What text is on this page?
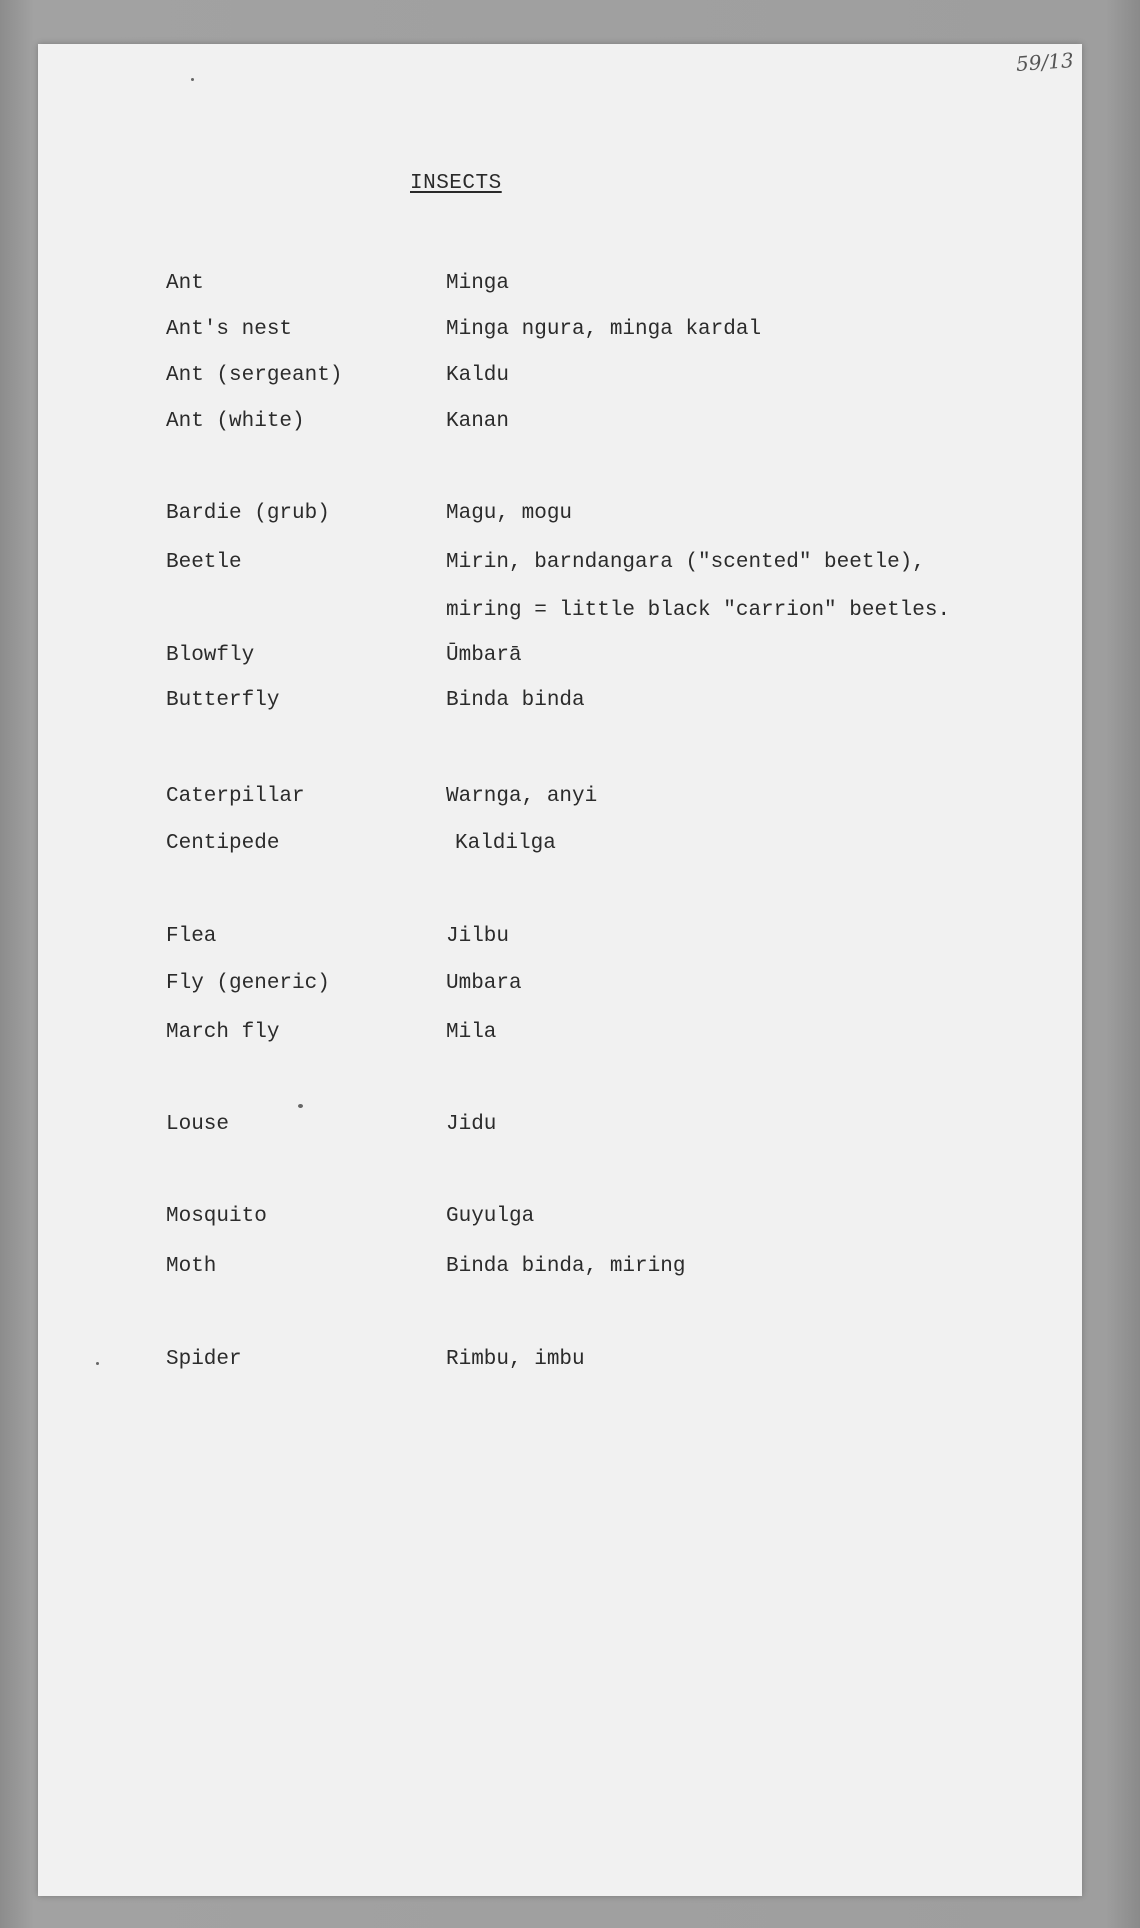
59/13
INSECTS
Ant	Minga
Ant's nest	Minga ngura, minga kardal
Ant (sergeant)	Kaldu
Ant (white)	Kanan
Bardie (grub)	Magu, mogu
Beetle	Mirin, barndangara ("scented" beetle),
miring = little black "carrion" beetles.
Blowfly	Ūmbarā
Butterfly	Binda binda
Caterpillar	Warnga, anyi
Centipede	Kaldilga
Flea	Jilbu
Fly (generic)	Umbara
March fly	Mila
Louse	Jidu
Mosquito	Guyulga
Moth	Binda binda, miring
Spider	Rimbu, imbu
